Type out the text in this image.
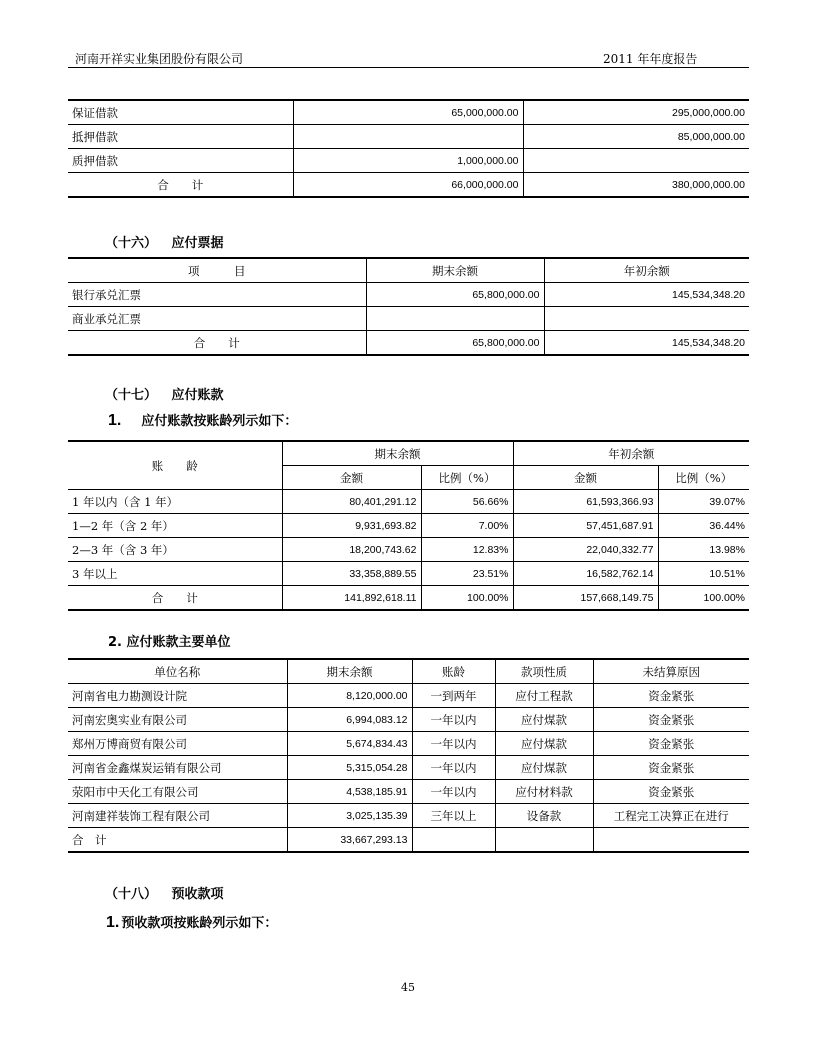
河南开祥实业集团股份有限公司	2011 年年度报告
保证借款	65,000,000.00	295,000,000.00
抵押借款		85,000,000.00
质押借款	1,000,000.00	
合　　计	66,000,000.00	380,000,000.00
（十六） 应付票据
项　　　目	期末余额	年初余额
银行承兑汇票	65,800,000.00	145,534,348.20
商业承兑汇票		
合　　计	65,800,000.00	145,534,348.20
（十七） 应付账款
1. 应付账款按账龄列示如下：
账　　龄	期末余额		年初余额	
	金额	比例（%）	金额	比例（%）
1 年以内（含 1 年）	80,401,291.12	56.66%	61,593,366.93	39.07%
1—2 年（含 2 年）	9,931,693.82	7.00%	57,451,687.91	36.44%
2—3 年（含 3 年）	18,200,743.62	12.83%	22,040,332.77	13.98%
3 年以上	33,358,889.55	23.51%	16,582,762.14	10.51%
合　　计	141,892,618.11	100.00%	157,668,149.75	100.00%
2. 应付账款主要单位
单位名称	期末余额	账龄	款项性质	未结算原因
河南省电力勘测设计院	8,120,000.00	一到两年	应付工程款	资金紧张
河南宏奥实业有限公司	6,994,083.12	一年以内	应付煤款	资金紧张
郑州万博商贸有限公司	5,674,834.43	一年以内	应付煤款	资金紧张
河南省金鑫煤炭运销有限公司	5,315,054.28	一年以内	应付煤款	资金紧张
荥阳市中天化工有限公司	4,538,185.91	一年以内	应付材料款	资金紧张
河南建祥装饰工程有限公司	3,025,135.39	三年以上	设备款	工程完工决算正在进行
合　计	33,667,293.13			
（十八） 预收款项
1. 预收款项按账龄列示如下：
45
